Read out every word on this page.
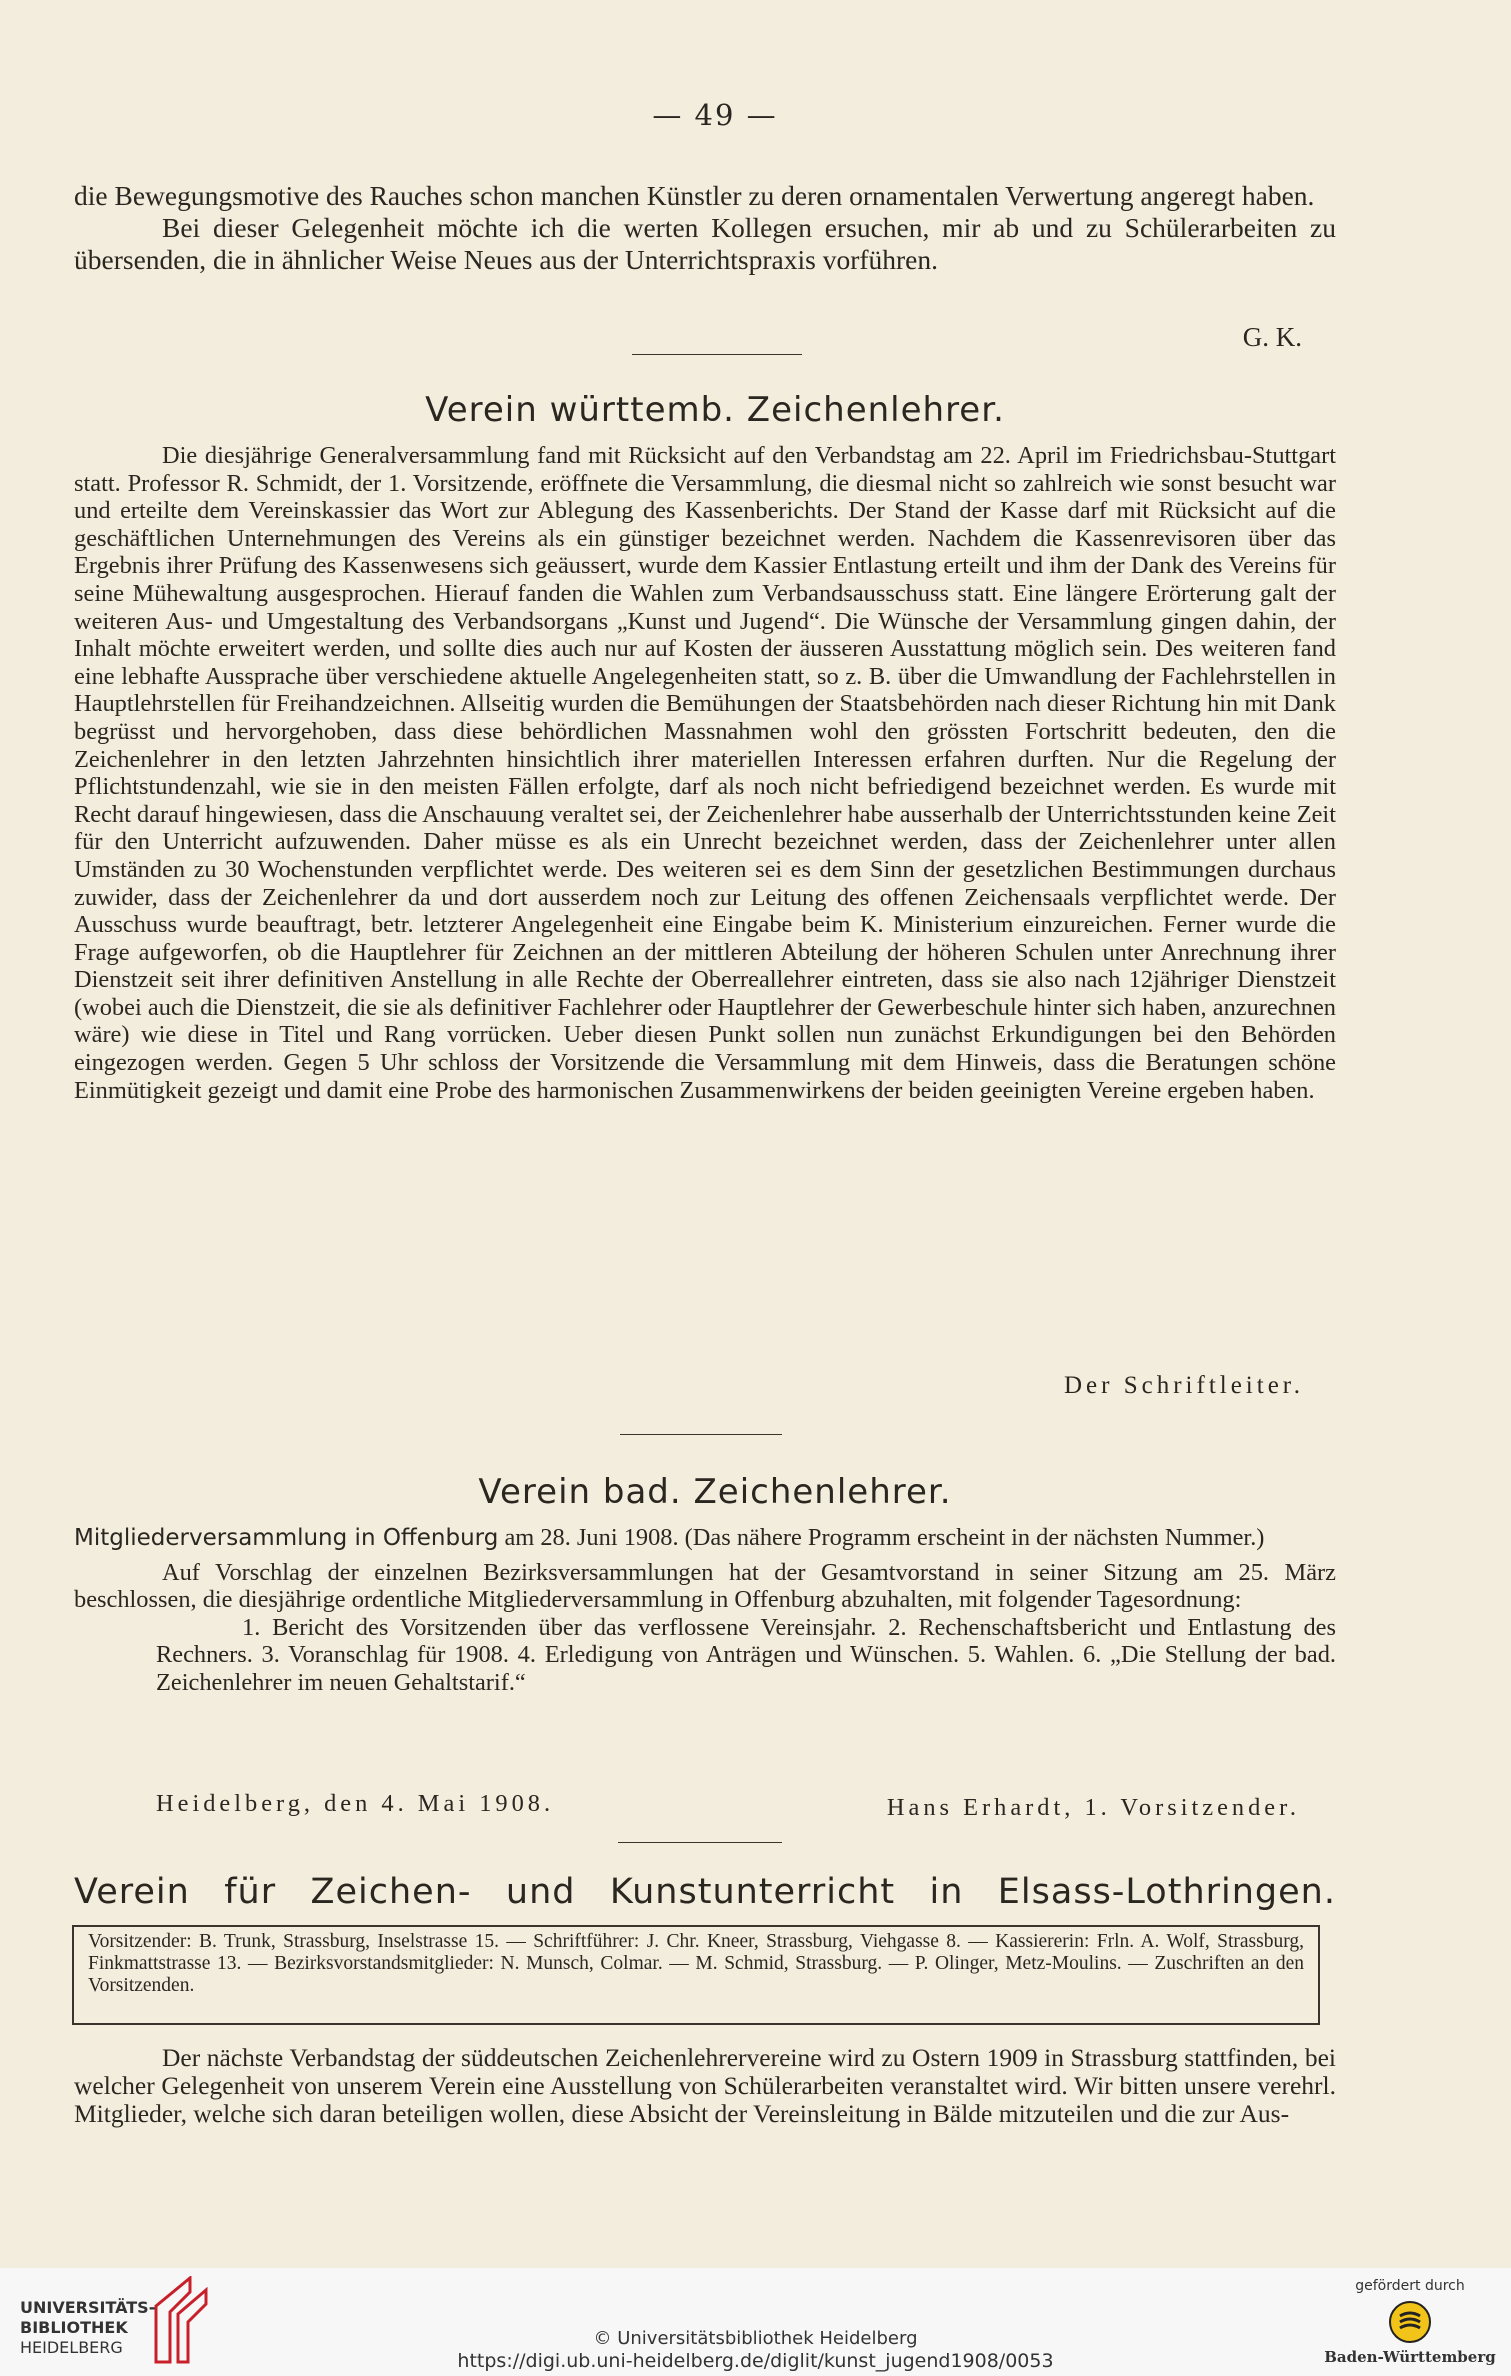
— 49 —

die Bewegungsmotive des Rauches schon manchen Künstler zu deren ornamentalen Verwertung angeregt haben.

Bei dieser Gelegenheit möchte ich die werten Kollegen ersuchen, mir ab und zu Schülerarbeiten zu übersenden, die in ähnlicher Weise Neues aus der Unterrichtspraxis vorführen.

G. K.
Verein württemb. Zeichenlehrer.

Die diesjährige Generalversammlung fand mit Rücksicht auf den Verbandstag am 22. April im Friedrichsbau-Stuttgart statt. Professor R. Schmidt, der 1. Vorsitzende, eröffnete die Versammlung, die diesmal nicht so zahlreich wie sonst besucht war und erteilte dem Vereinskassier das Wort zur Ablegung des Kassenberichts. Der Stand der Kasse darf mit Rücksicht auf die geschäftlichen Unternehmungen des Vereins als ein günstiger bezeichnet werden. Nachdem die Kassenrevisoren über das Ergebnis ihrer Prüfung des Kassenwesens sich geäussert, wurde dem Kassier Entlastung erteilt und ihm der Dank des Vereins für seine Mühewaltung ausgesprochen. Hierauf fanden die Wahlen zum Verbandsausschuss statt. Eine längere Erörterung galt der weiteren Aus- und Umgestaltung des Verbandsorgans „Kunst und Jugend“. Die Wünsche der Versammlung gingen dahin, der Inhalt möchte erweitert werden, und sollte dies auch nur auf Kosten der äusseren Ausstattung möglich sein. Des weiteren fand eine lebhafte Aussprache über verschiedene aktuelle Angelegenheiten statt, so z. B. über die Umwandlung der Fachlehrstellen in Hauptlehrstellen für Freihandzeichnen. Allseitig wurden die Bemühungen der Staatsbehörden nach dieser Richtung hin mit Dank begrüsst und hervorgehoben, dass diese behördlichen Massnahmen wohl den grössten Fortschritt bedeuten, den die Zeichenlehrer in den letzten Jahrzehnten hinsichtlich ihrer materiellen Interessen erfahren durften. Nur die Regelung der Pflichtstundenzahl, wie sie in den meisten Fällen erfolgte, darf als noch nicht befriedigend bezeichnet werden. Es wurde mit Recht darauf hingewiesen, dass die Anschauung veraltet sei, der Zeichenlehrer habe ausserhalb der Unterrichtsstunden keine Zeit für den Unterricht aufzuwenden. Daher müsse es als ein Unrecht bezeichnet werden, dass der Zeichenlehrer unter allen Umständen zu 30 Wochenstunden verpflichtet werde. Des weiteren sei es dem Sinn der gesetzlichen Bestimmungen durchaus zuwider, dass der Zeichenlehrer da und dort ausserdem noch zur Leitung des offenen Zeichensaals verpflichtet werde. Der Ausschuss wurde beauftragt, betr. letzterer Angelegenheit eine Eingabe beim K. Ministerium einzureichen. Ferner wurde die Frage aufgeworfen, ob die Hauptlehrer für Zeichnen an der mittleren Abteilung der höheren Schulen unter Anrechnung ihrer Dienstzeit seit ihrer definitiven Anstellung in alle Rechte der Oberreallehrer eintreten, dass sie also nach 12jähriger Dienstzeit (wobei auch die Dienstzeit, die sie als definitiver Fachlehrer oder Hauptlehrer der Gewerbeschule hinter sich haben, anzurechnen wäre) wie diese in Titel und Rang vorrücken. Ueber diesen Punkt sollen nun zunächst Erkundigungen bei den Behörden eingezogen werden. Gegen 5 Uhr schloss der Vorsitzende die Versammlung mit dem Hinweis, dass die Beratungen schöne Einmütigkeit gezeigt und damit eine Probe des harmonischen Zusammenwirkens der beiden geeinigten Vereine ergeben haben.

Der Schriftleiter.
Verein bad. Zeichenlehrer.

Mitgliederversammlung in Offenburg am 28. Juni 1908. (Das nähere Programm erscheint in der nächsten Nummer.)

Auf Vorschlag der einzelnen Bezirksversammlungen hat der Gesamtvorstand in seiner Sitzung am 25. März beschlossen, die diesjährige ordentliche Mitgliederversammlung in Offenburg abzuhalten, mit folgender Tagesordnung:

1. Bericht des Vorsitzenden über das verflossene Vereinsjahr. 2. Rechenschaftsbericht und Entlastung des Rechners. 3. Voranschlag für 1908. 4. Erledigung von Anträgen und Wünschen. 5. Wahlen. 6. „Die Stellung der bad. Zeichenlehrer im neuen Gehaltstarif.“

Heidelberg, den 4. Mai 1908.	Hans Erhardt, 1. Vorsitzender.
Verein für Zeichen- und Kunstunterricht in Elsass-Lothringen.
Vorsitzender: B. Trunk, Strassburg, Inselstrasse 15. — Schriftführer: J. Chr. Kneer, Strassburg, Viehgasse 8. — Kassiererin: Frln. A. Wolf, Strassburg, Finkmattstrasse 13. — Bezirksvorstandsmitglieder: N. Munsch, Colmar. — M. Schmid, Strassburg. — P. Olinger, Metz-Moulins. — Zuschriften an den Vorsitzenden.

Der nächste Verbandstag der süddeutschen Zeichenlehrervereine wird zu Ostern 1909 in Strassburg stattfinden, bei welcher Gelegenheit von unserem Verein eine Ausstellung von Schülerarbeiten veranstaltet wird. Wir bitten unsere verehrl. Mitglieder, welche sich daran beteiligen wollen, diese Absicht der Vereinsleitung in Bälde mitzuteilen und die zur Aus-

UNIVERSITÄTS-
BIBLIOTHEK
HEIDELBERG	© Universitätsbibliothek Heidelberg
https://digi.ub.uni-heidelberg.de/diglit/kunst_jugend1908/0053
gefördert durch
Baden-Württemberg
